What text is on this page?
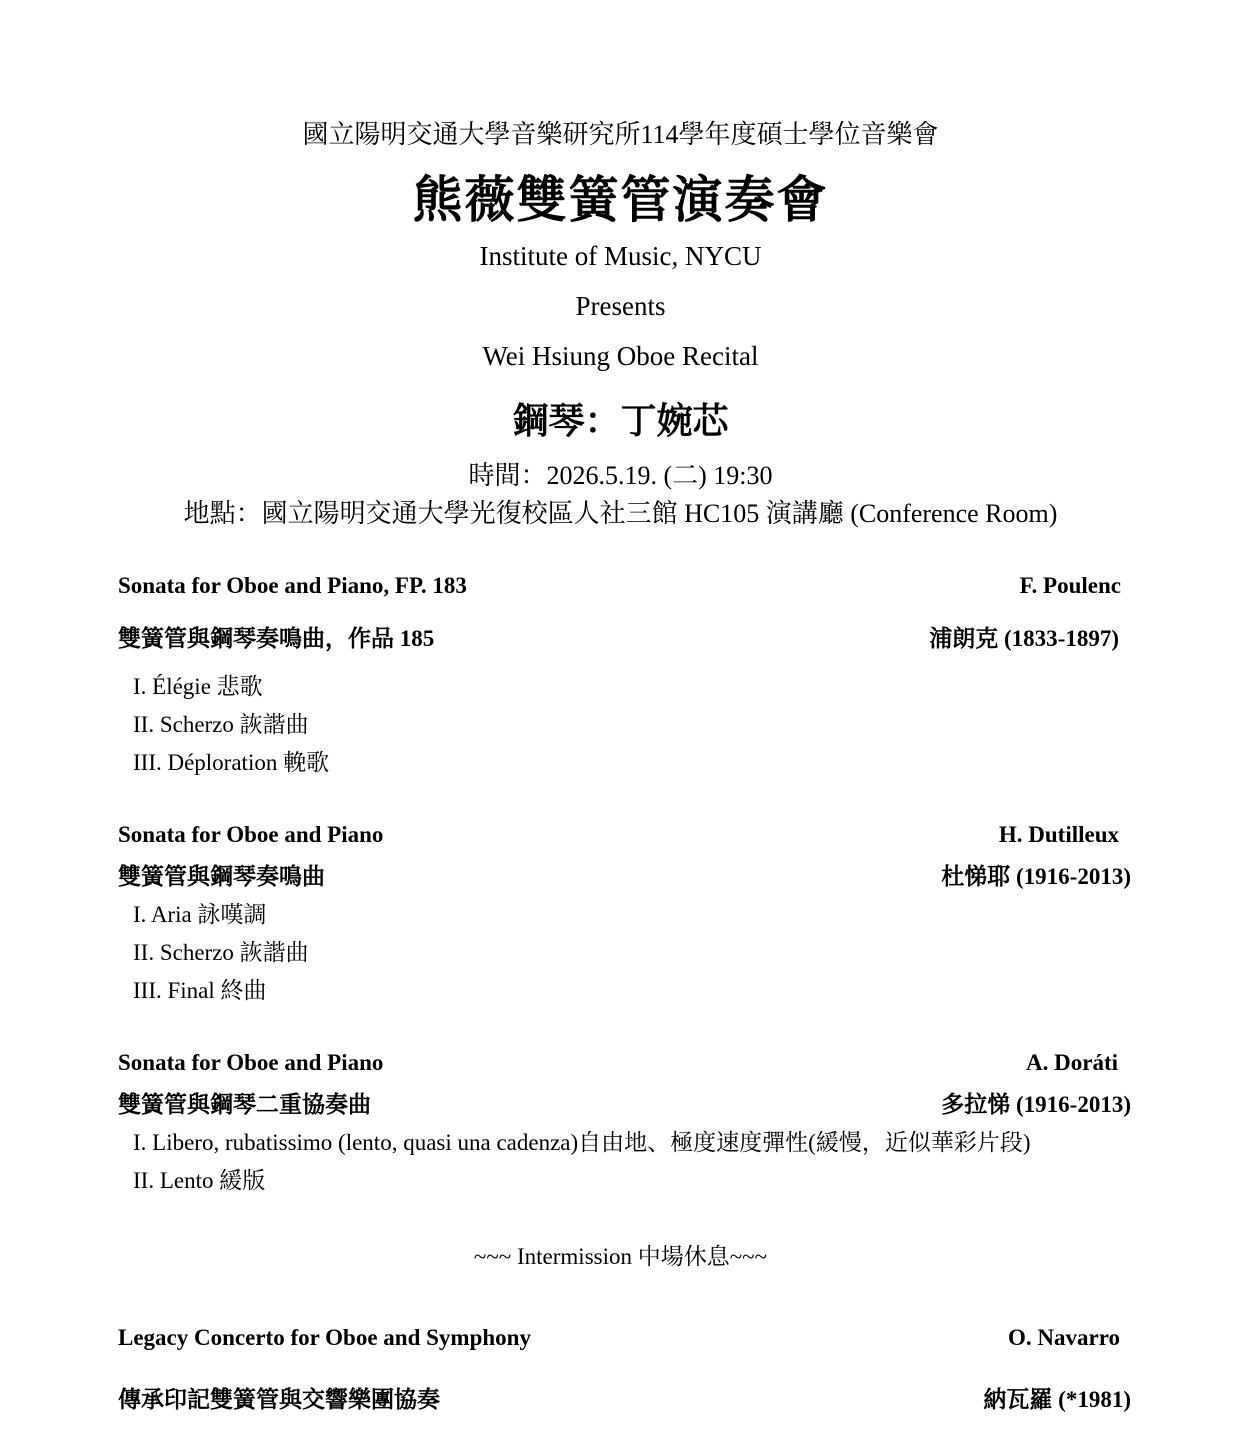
國立陽明交通大學音樂研究所114學年度碩士學位音樂會
熊薇雙簧管演奏會
Institute of Music, NYCU
Presents
Wei Hsiung Oboe Recital
鋼琴：丁婉芯
時間：2026.5.19. (二) 19:30
地點：國立陽明交通大學光復校區人社三館 HC105 演講廳 (Conference Room)
Sonata for Oboe and Piano, FP. 183	F. Poulenc
雙簧管與鋼琴奏鳴曲，作品 185	浦朗克 (1833-1897)
I. Élégie 悲歌
II. Scherzo 詼諧曲
III. Déploration 輓歌
Sonata for Oboe and Piano	H. Dutilleux
雙簧管與鋼琴奏鳴曲	杜悌耶 (1916-2013)
I. Aria 詠嘆調
II. Scherzo 詼諧曲
III. Final 終曲
Sonata for Oboe and Piano	A. Doráti
雙簧管與鋼琴二重協奏曲	多拉悌 (1916-2013)
I. Libero, rubatissimo (lento, quasi una cadenza)自由地、極度速度彈性(緩慢，近似華彩片段)
II. Lento 緩版
~~~ Intermission 中場休息~~~
Legacy Concerto for Oboe and Symphony	O. Navarro
傳承印記雙簧管與交響樂團協奏	納瓦羅 (*1981)
